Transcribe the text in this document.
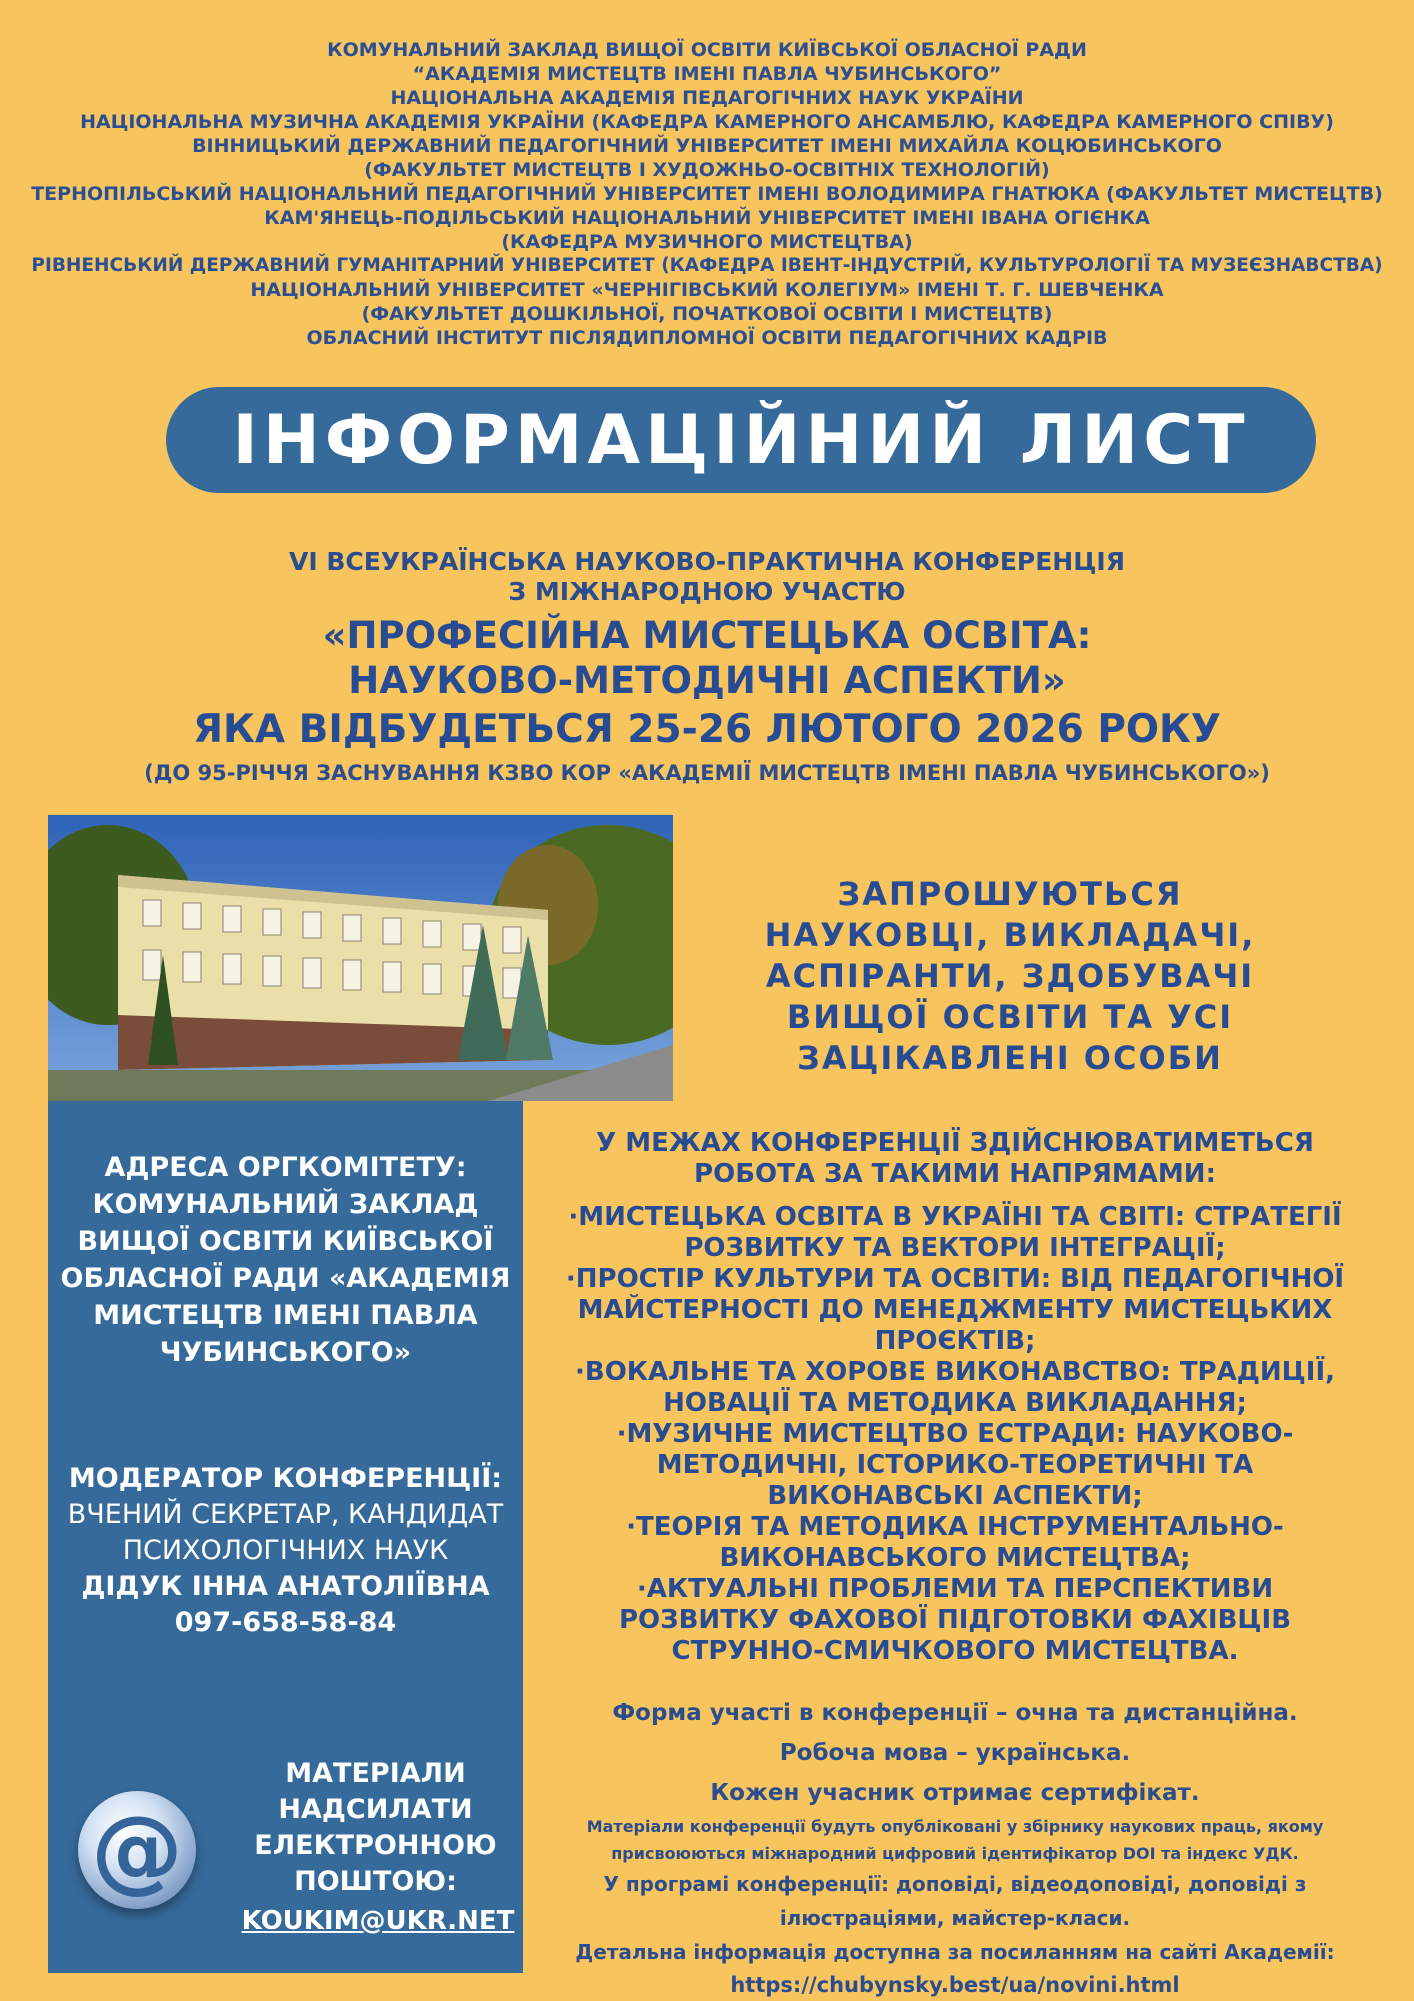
КОМУНАЛЬНИЙ ЗАКЛАД ВИЩОЇ ОСВІТИ КИЇВСЬКОЇ ОБЛАСНОЇ РАДИ
“АКАДЕМІЯ МИСТЕЦТВ ІМЕНІ ПАВЛА ЧУБИНСЬКОГО”
НАЦІОНАЛЬНА АКАДЕМІЯ ПЕДАГОГІЧНИХ НАУК УКРАЇНИ
НАЦІОНАЛЬНА МУЗИЧНА АКАДЕМІЯ УКРАЇНИ (КАФЕДРА КАМЕРНОГО АНСАМБЛЮ, КАФЕДРА КАМЕРНОГО СПІВУ)
ВІННИЦЬКИЙ ДЕРЖАВНИЙ ПЕДАГОГІЧНИЙ УНІВЕРСИТЕТ ІМЕНІ МИХАЙЛА КОЦЮБИНСЬКОГО
(ФАКУЛЬТЕТ МИСТЕЦТВ І ХУДОЖНЬО-ОСВІТНІХ ТЕХНОЛОГІЙ)
ТЕРНОПІЛЬСЬКИЙ НАЦІОНАЛЬНИЙ ПЕДАГОГІЧНИЙ УНІВЕРСИТЕТ ІМЕНІ ВОЛОДИМИРА ГНАТЮКА (ФАКУЛЬТЕТ МИСТЕЦТВ)
КАМ'ЯНЕЦЬ-ПОДІЛЬСЬКИЙ НАЦІОНАЛЬНИЙ УНІВЕРСИТЕТ ІМЕНІ ІВАНА ОГІЄНКА
(КАФЕДРА МУЗИЧНОГО МИСТЕЦТВА)
РІВНЕНСЬКИЙ ДЕРЖАВНИЙ ГУМАНІТАРНИЙ УНІВЕРСИТЕТ (КАФЕДРА ІВЕНТ-ІНДУСТРІЙ, КУЛЬТУРОЛОГІЇ ТА МУЗЕЄЗНАВСТВА)
НАЦІОНАЛЬНИЙ УНІВЕРСИТЕТ «ЧЕРНІГІВСЬКИЙ КОЛЕГІУМ» ІМЕНІ Т. Г. ШЕВЧЕНКА
(ФАКУЛЬТЕТ ДОШКІЛЬНОЇ, ПОЧАТКОВОЇ ОСВІТИ І МИСТЕЦТВ)
ОБЛАСНИЙ ІНСТИТУТ ПІСЛЯДИПЛОМНОЇ ОСВІТИ ПЕДАГОГІЧНИХ КАДРІВ
ІНФОРМАЦІЙНИЙ ЛИСТ
VI ВСЕУКРАЇНСЬКА НАУКОВО-ПРАКТИЧНА КОНФЕРЕНЦІЯ
З МІЖНАРОДНОЮ УЧАСТЮ
«ПРОФЕСІЙНА МИСТЕЦЬКА ОСВІТА:
НАУКОВО-МЕТОДИЧНІ АСПЕКТИ»
ЯКА ВІДБУДЕТЬСЯ 25-26 ЛЮТОГО 2026 РОКУ
(ДО 95-РІЧЧЯ ЗАСНУВАННЯ КЗВО КОР «АКАДЕМІЇ МИСТЕЦТВ ІМЕНІ ПАВЛА ЧУБИНСЬКОГО»)
ЗАПРОШУЮТЬСЯ
НАУКОВЦІ, ВИКЛАДАЧІ,
АСПІРАНТИ, ЗДОБУВАЧІ
ВИЩОЇ ОСВІТИ ТА УСІ
ЗАЦІКАВЛЕНІ ОСОБИ
АДРЕСА ОРГКОМІТЕТУ:
КОМУНАЛЬНИЙ ЗАКЛАД
ВИЩОЇ ОСВІТИ КИЇВСЬКОЇ
ОБЛАСНОЇ РАДИ «АКАДЕМІЯ
МИСТЕЦТВ ІМЕНІ ПАВЛА
ЧУБИНСЬКОГО»
МОДЕРАТОР КОНФЕРЕНЦІЇ:
ВЧЕНИЙ СЕКРЕТАР, КАНДИДАТ
ПСИХОЛОГІЧНИХ НАУК
ДІДУК ІННА АНАТОЛІЇВНА
097-658-58-84
@
МАТЕРІАЛИ
НАДСИЛАТИ
ЕЛЕКТРОННОЮ
ПОШТОЮ:
KOUKIM@UKR.NET
У МЕЖАХ КОНФЕРЕНЦІЇ ЗДІЙСНЮВАТИМЕТЬСЯ
РОБОТА ЗА ТАКИМИ НАПРЯМАМИ:
·МИСТЕЦЬКА ОСВІТА В УКРАЇНІ ТА СВІТІ: СТРАТЕГІЇ
РОЗВИТКУ ТА ВЕКТОРИ ІНТЕГРАЦІЇ;
·ПРОСТІР КУЛЬТУРИ ТА ОСВІТИ: ВІД ПЕДАГОГІЧНОЇ
МАЙСТЕРНОСТІ ДО МЕНЕДЖМЕНТУ МИСТЕЦЬКИХ
ПРОЄКТІВ;
·ВОКАЛЬНЕ ТА ХОРОВЕ ВИКОНАВСТВО: ТРАДИЦІЇ,
НОВАЦІЇ ТА МЕТОДИКА ВИКЛАДАННЯ;
·МУЗИЧНЕ МИСТЕЦТВО ЕСТРАДИ: НАУКОВО-
МЕТОДИЧНІ, ІСТОРИКО-ТЕОРЕТИЧНІ ТА
ВИКОНАВСЬКІ АСПЕКТИ;
·ТЕОРІЯ ТА МЕТОДИКА ІНСТРУМЕНТАЛЬНО-
ВИКОНАВСЬКОГО МИСТЕЦТВА;
·АКТУАЛЬНІ ПРОБЛЕМИ ТА ПЕРСПЕКТИВИ
РОЗВИТКУ ФАХОВОЇ ПІДГОТОВКИ ФАХІВЦІВ
СТРУННО-СМИЧКОВОГО МИСТЕЦТВА.
Форма участі в конференції – очна та дистанційна.
Робоча мова – українська.
Кожен учасник отримає сертифікат.
Матеріали конференції будуть опубліковані у збірнику наукових праць, якому
присвоюються міжнародний цифровий ідентифікатор DOI та індекс УДК.
У програмі конференції: доповіді, відеодоповіді, доповіді з
ілюстраціями, майстер-класи.
Детальна інформація доступна за посиланням на сайті Академії:
https://chubynsky.best/ua/novini.html
